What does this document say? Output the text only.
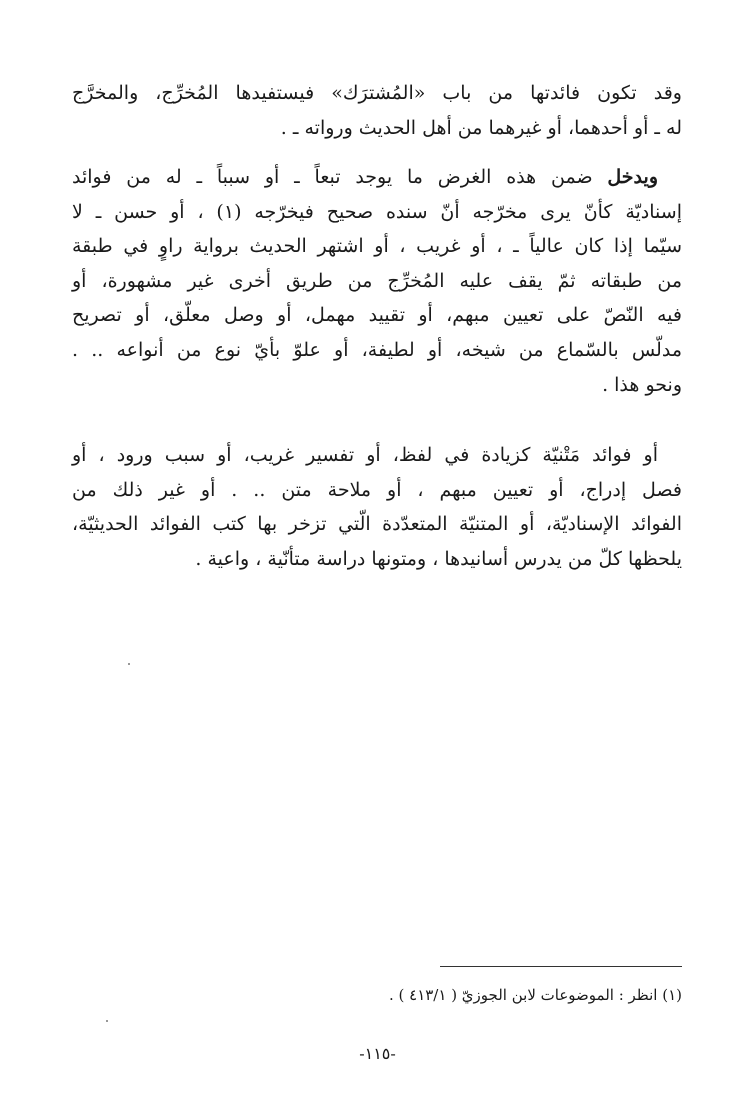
وقد تكون فائدتها من باب «المُشترَك» فيستفيدها المُخرِّج، والمخرَّج
له ـ أو أحدهما، أو غيرهما من أهل الحديث ورواته ـ .
ويدخل ضمن هذه الغرض ما يوجد تبعاً ـ أو سبباً ـ له من فوائد
إسناديّة كأنّ يرى مخرّجه أنّ سنده صحيح فيخرّجه (١) ، أو حسن ـ لا
سيّما إذا كان عالياً ـ ، أو غريب ، أو اشتهر الحديث برواية راوٍ في طبقة
من طبقاته ثمّ يقف عليه المُخرِّج من طريق أخرى غير مشهورة، أو
فيه النّصّ على تعيين مبهم، أو تقييد مهمل، أو وصل معلّق، أو تصريح
مدلّس بالسّماع من شيخه، أو لطيفة، أو علوّ بأيّ نوع من أنواعه .. .
ونحو هذا .
أو فوائد مَتْنيّة كزيادة في لفظ، أو تفسير غريب، أو سبب ورود ، أو
فصل إدراج، أو تعيين مبهم ، أو ملاحة متن .. . أو غير ذلك من
الفوائد الإسناديّة، أو المتنيّة المتعدّدة الّتي تزخر بها كتب الفوائد الحديثيّة،
يلحظها كلّ من يدرس أسانيدها ، ومتونها دراسة متأنّية ، واعية .
(١) انظر : الموضوعات لابن الجوزيّ ( ٤١٣/١ ) .
-١١٥-
